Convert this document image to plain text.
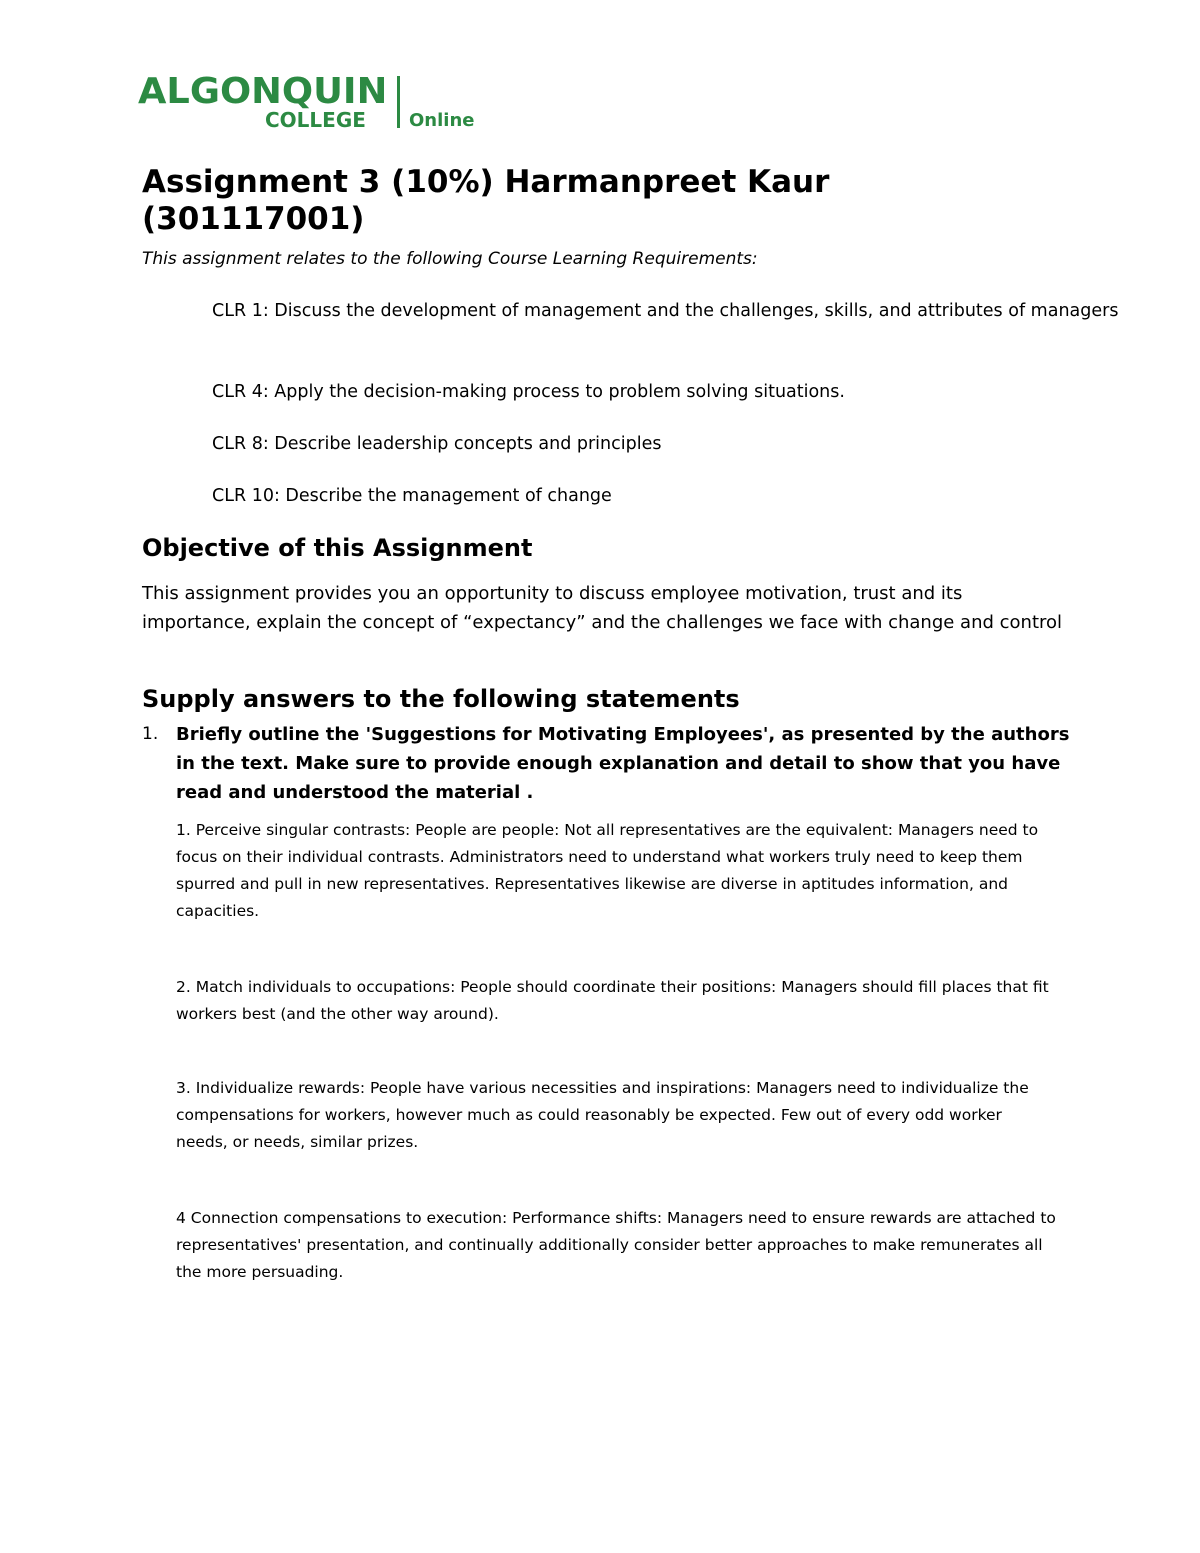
ALGONQUIN
COLLEGE Online
Assignment 3 (10%) Harmanpreet Kaur (301117001)

This assignment relates to the following Course Learning Requirements:

CLR 1: Discuss the development of management and the challenges, skills, and attributes of managers

CLR 4: Apply the decision-making process to problem solving situations.

CLR 8: Describe leadership concepts and principles

CLR 10: Describe the management of change

Objective of this Assignment

This assignment provides you an opportunity to discuss employee motivation, trust and its importance, explain the concept of “expectancy” and the challenges we face with change and control

Supply answers to the following statements
1. Briefly outline the 'Suggestions for Motivating Employees', as presented by the authors in the text. Make sure to provide enough explanation and detail to show that you have read and understood the material .

1. Perceive singular contrasts: People are people: Not all representatives are the equivalent: Managers need to focus on their individual contrasts. Administrators need to understand what workers truly need to keep them spurred and pull in new representatives. Representatives likewise are diverse in aptitudes information, and capacities.

2. Match individuals to occupations: People should coordinate their positions: Managers should fill places that fit workers best (and the other way around).

3. Individualize rewards: People have various necessities and inspirations: Managers need to individualize the compensations for workers, however much as could reasonably be expected. Few out of every odd worker needs, or needs, similar prizes.

4 Connection compensations to execution: Performance shifts: Managers need to ensure rewards are attached to representatives' presentation, and continually additionally consider better approaches to make remunerates all the more persuading.
